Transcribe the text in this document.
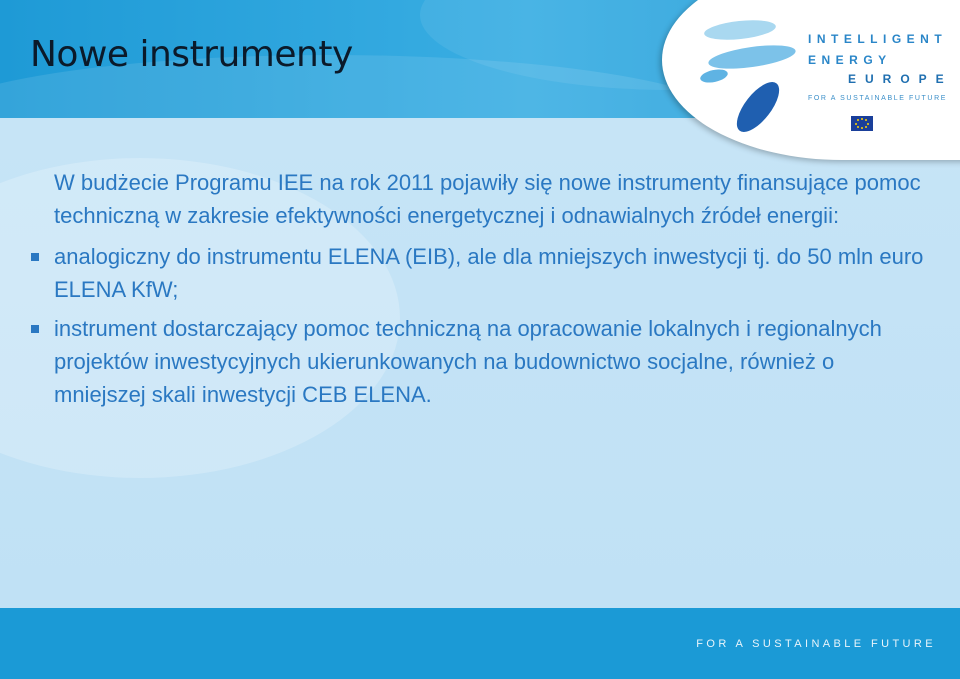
FOR A SUSTAINABLE FUTURE
Nowe instrumenty	INTELLIGENT
ENERGY
EUROPE
FOR A SUSTAINABLE FUTURE

W budżecie Programu IEE na rok 2011 pojawiły się nowe instrumenty finansujące pomoc techniczną w zakresie efektywności energetycznej i odnawialnych źródeł energii:

analogiczny do instrumentu ELENA (EIB), ale dla mniejszych inwestycji tj. do 50 mln euro ELENA KfW;
instrument dostarczający pomoc techniczną na opracowanie lokalnych i regionalnych projektów inwestycyjnych ukierunkowanych na budownictwo socjalne, również o mniejszej skali inwestycji CEB ELENA.
